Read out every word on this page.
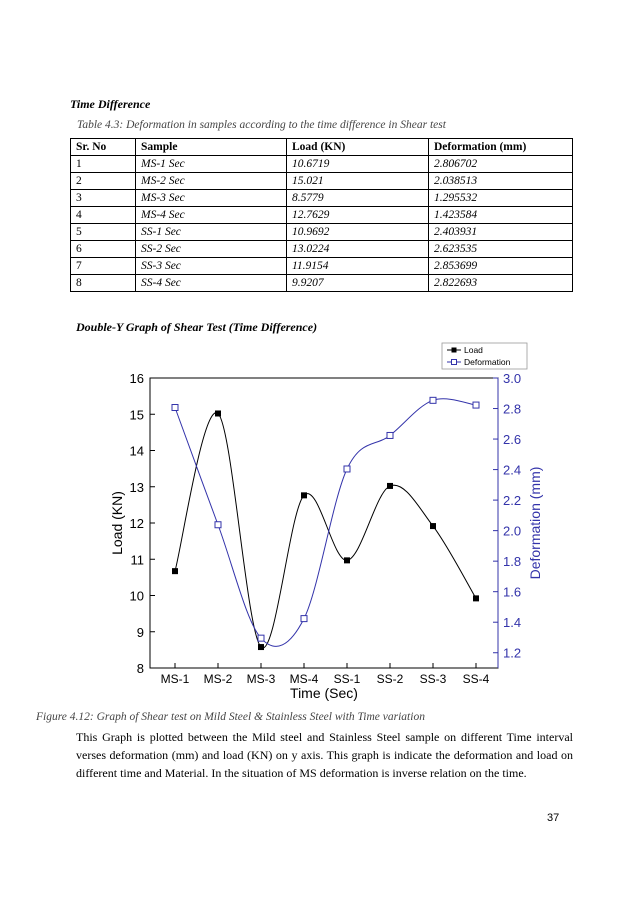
Time Difference
Table 4.3: Deformation in samples according to the time difference in Shear test
Sr. No	Sample	Load (KN)	Deformation (mm)
1	MS-1 Sec	10.6719	2.806702
2	MS-2 Sec	15.021	2.038513
3	MS-3 Sec	8.5779	1.295532
4	MS-4 Sec	12.7629	1.423584
5	SS-1 Sec	10.9692	2.403931
6	SS-2 Sec	13.0224	2.623535
7	SS-3 Sec	11.9154	2.853699
8	SS-4 Sec	9.9207	2.822693
Double-Y Graph of Shear Test (Time Difference)
8
9
10
11
12
13
14
15
16
1.2
1.4
1.6
1.8
2.0
2.2
2.4
2.6
2.8
3.0
MS-1 MS-2 MS-3 MS-4 SS-1 SS-2 SS-3 SS-4
Load (KN)	Deformation (mm)
Time (Sec)
Load
Deformation
Figure 4.12: Graph of Shear test on Mild Steel & Stainless Steel with Time variation
This Graph is plotted between the Mild steel and Stainless Steel sample on different Time interval verses deformation (mm) and load (KN) on y axis. This graph is indicate the deformation and load on different time and Material. In the situation of MS deformation is inverse relation on the time.
37
